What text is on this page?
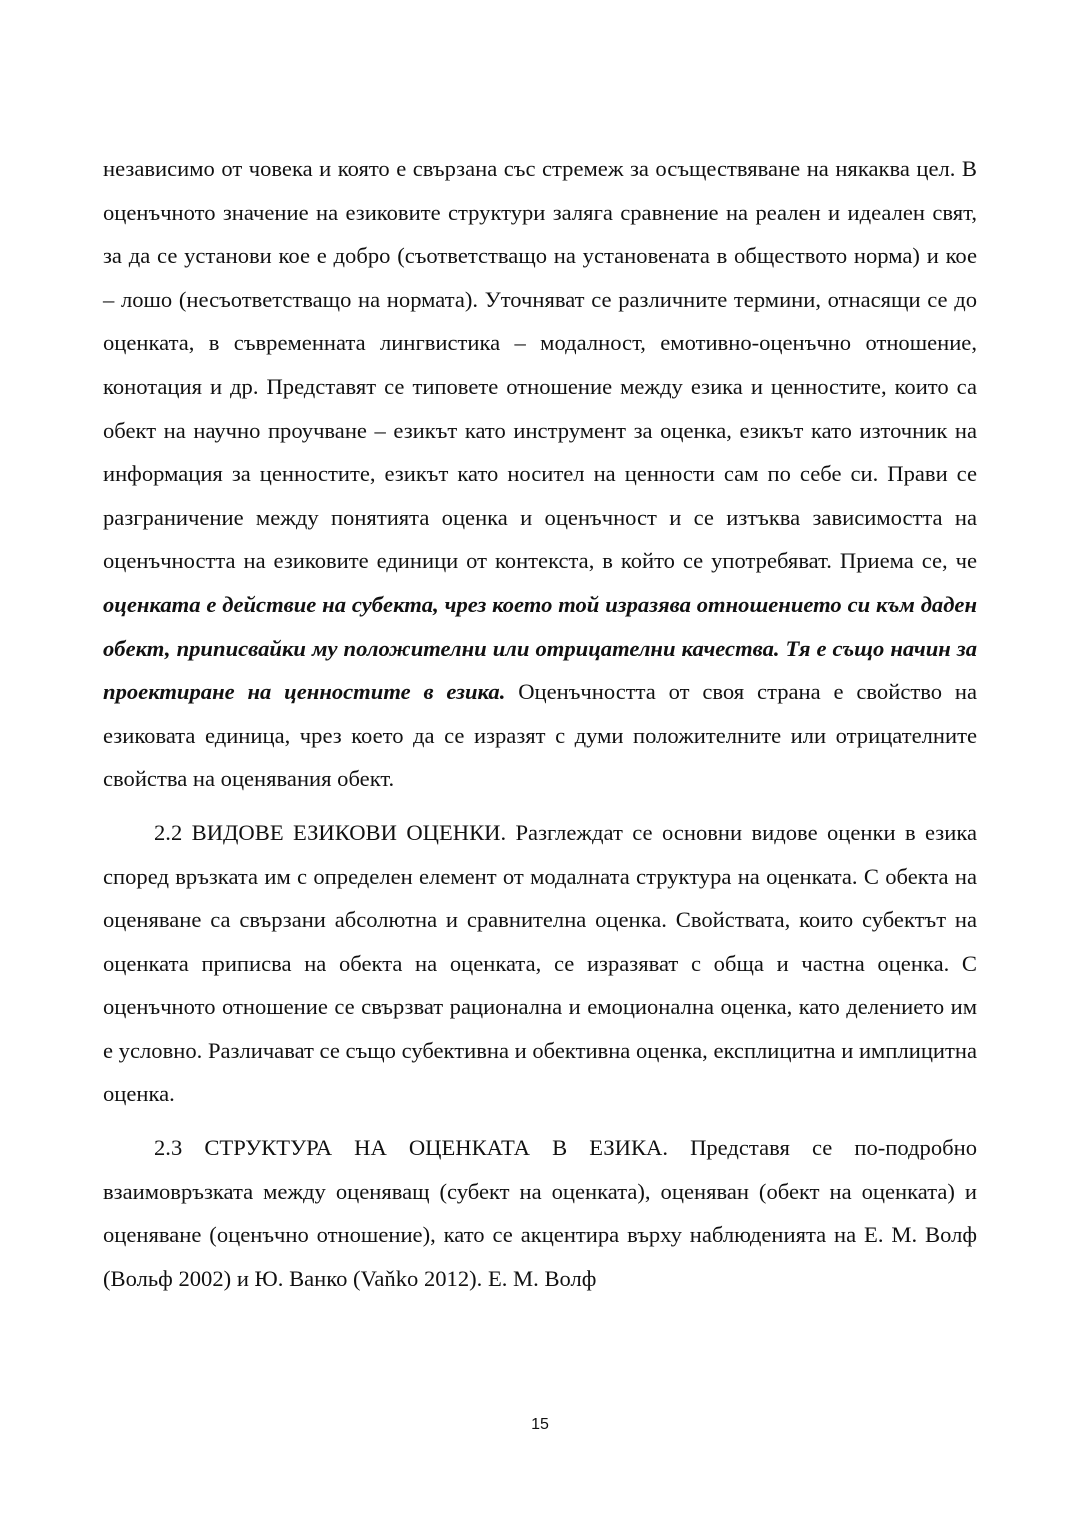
независимо от човека и която е свързана със стремеж за осъществяване на някаква цел. В оценъчното значение на езиковите структури заляга сравнение на реален и идеален свят, за да се установи кое е добро (съответстващо на установената в обществото норма) и кое – лошо (несъответстващо на нормата). Уточняват се различните термини, отнасящи се до оценката, в съвременната лингвистика – модалност, емотивно-оценъчно отношение, конотация и др. Представят се типовете отношение между езика и ценностите, които са обект на научно проучване – езикът като инструмент за оценка, езикът като източник на информация за ценностите, езикът като носител на ценности сам по себе си. Прави се разграничение между понятията оценка и оценъчност и се изтъква зависимостта на оценъчността на езиковите единици от контекста, в който се употребяват. Приема се, че оценката е действие на субекта, чрез което той изразява отношението си към даден обект, приписвайки му положителни или отрицателни качества. Тя е също начин за проектиране на ценностите в езика. Оценъчността от своя страна е свойство на езиковата единица, чрез което да се изразят с думи положителните или отрицателните свойства на оценявания обект.

2.2 ВИДОВЕ ЕЗИКОВИ ОЦЕНКИ. Разглеждат се основни видове оценки в езика според връзката им с определен елемент от модалната структура на оценката. С обекта на оценяване са свързани абсолютна и сравнителна оценка. Свойствата, които субектът на оценката приписва на обекта на оценката, се изразяват с обща и частна оценка. С оценъчното отношение се свързват рационална и емоционална оценка, като делението им е условно. Различават се също субективна и обективна оценка, експлицитна и имплицитна оценка.

2.3 СТРУКТУРА НА ОЦЕНКАТА В ЕЗИКА. Представя се по-подробно взаимовръзката между оценяващ (субект на оценката), оценяван (обект на оценката) и оценяване (оценъчно отношение), като се акцентира върху наблюденията на Е. М. Волф (Вольф 2002) и Ю. Ванко (Vaňko 2012). Е. М. Волф

15
